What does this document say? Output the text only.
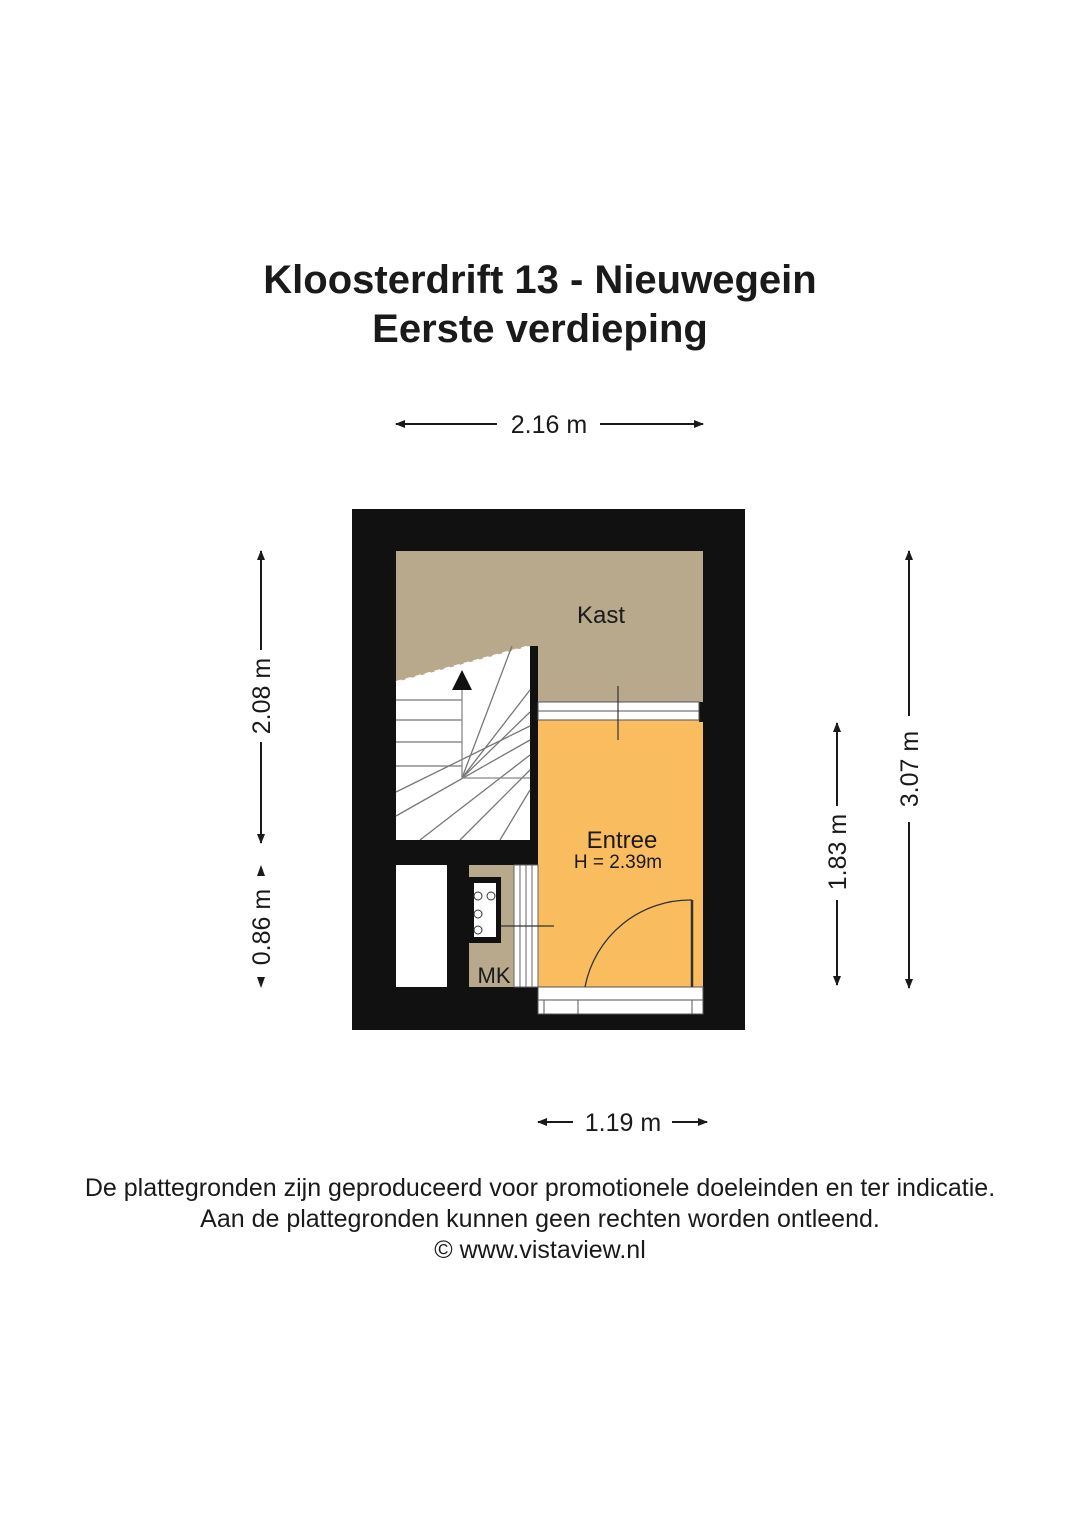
Kloosterdrift 13 - Nieuwegein
Eerste verdieping
2.16 m
Kast
Entree
H = 2.39m
MK
2.08 m
0.86 m
1.83 m
3.07 m
1.19 m

De plattegronden zijn geproduceerd voor promotionele doeleinden en ter indicatie.

Aan de plattegronden kunnen geen rechten worden ontleend.

© www.vistaview.nl
